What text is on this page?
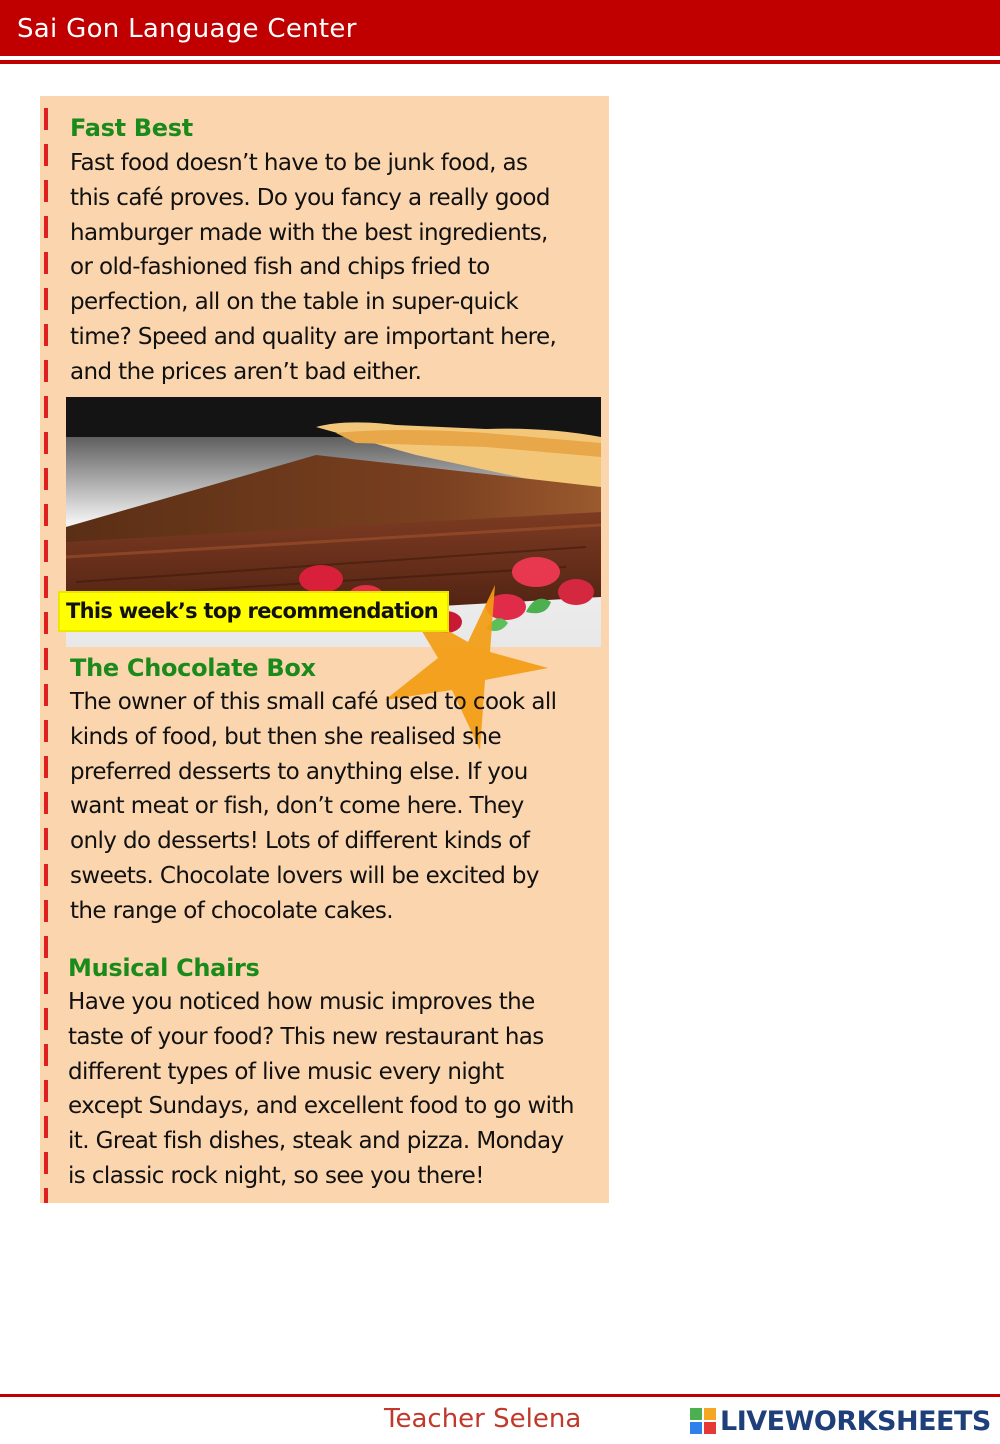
Sai Gon Language Center
Fast Best
Fast food doesn’t have to be junk food, as
this café proves. Do you fancy a really good
hamburger made with the best ingredients,
or old-fashioned fish and chips fried to
perfection, all on the table in super-quick
time? Speed and quality are important here,
and the prices aren’t bad either.
This week’s top recommendation
The Chocolate Box
The owner of this small café used to cook all
kinds of food, but then she realised she
preferred desserts to anything else. If you
want meat or fish, don’t come here. They
only do desserts! Lots of different kinds of
sweets. Chocolate lovers will be excited by
the range of chocolate cakes.
Musical Chairs
Have you noticed how music improves the
taste of your food? This new restaurant has
different types of live music every night
except Sundays, and excellent food to go with
it. Great fish dishes, steak and pizza. Monday
is classic rock night, so see you there!
Teacher Selena	LIVEWORKSHEETS
